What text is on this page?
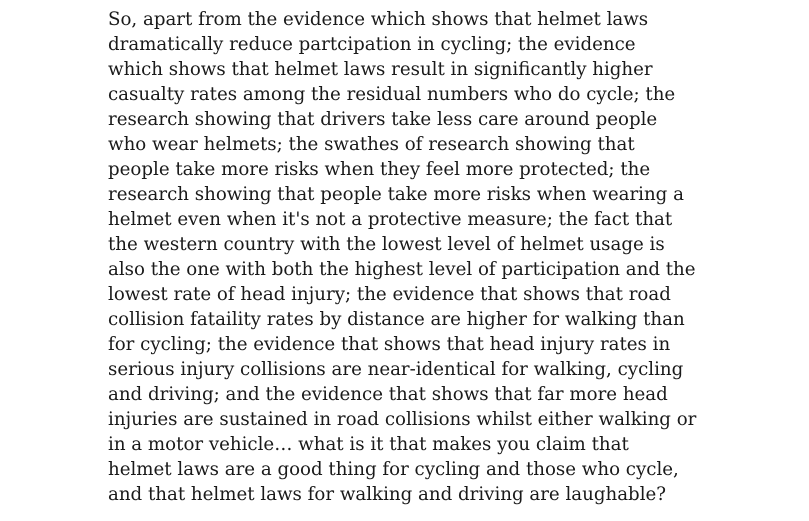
So, apart from the evidence which shows that helmet laws
dramatically reduce partcipation in cycling; the evidence
which shows that helmet laws result in significantly higher
casualty rates among the residual numbers who do cycle; the
research showing that drivers take less care around people
who wear helmets; the swathes of research showing that
people take more risks when they feel more protected; the
research showing that people take more risks when wearing a
helmet even when it's not a protective measure; the fact that
the western country with the lowest level of helmet usage is
also the one with both the highest level of participation and the
lowest rate of head injury; the evidence that shows that road
collision fataility rates by distance are higher for walking than
for cycling; the evidence that shows that head injury rates in
serious injury collisions are near-identical for walking, cycling
and driving; and the evidence that shows that far more head
injuries are sustained in road collisions whilst either walking or
in a motor vehicle… what is it that makes you claim that
helmet laws are a good thing for cycling and those who cycle,
and that helmet laws for walking and driving are laughable?
